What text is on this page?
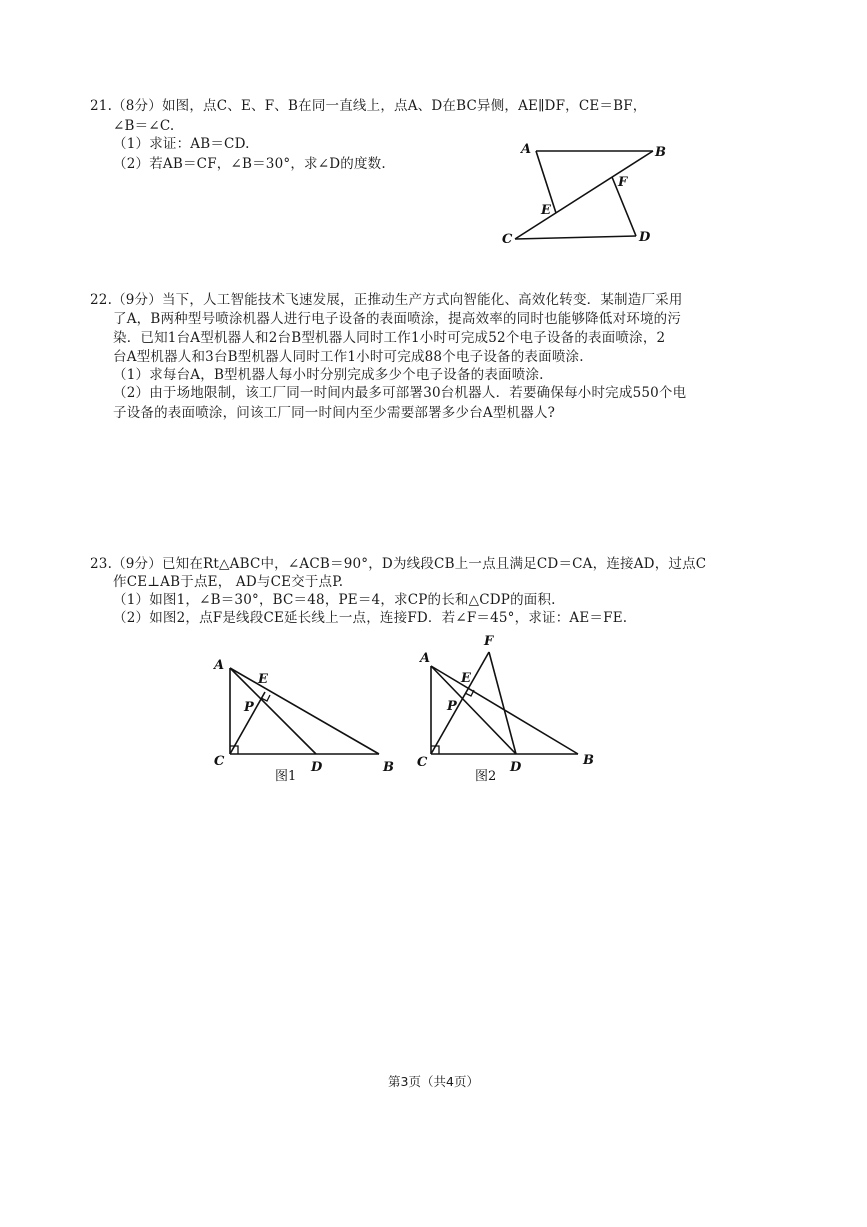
21.（8分）如图，点C、E、F、B在同一直线上，点A、D在BC异侧，AE∥DF，CE＝BF，
∠B＝∠C.
（1）求证：AB＝CD.
（2）若AB＝CF，∠B＝30°，求∠D的度数.
A	B
C	D
E
F
22.（9分）当下，人工智能技术飞速发展，正推动生产方式向智能化、高效化转变．某制造厂采用
了A，B两种型号喷涂机器人进行电子设备的表面喷涂，提高效率的同时也能够降低对环境的污
染．已知1台A型机器人和2台B型机器人同时工作1小时可完成52个电子设备的表面喷涂，2
台A型机器人和3台B型机器人同时工作1小时可完成88个电子设备的表面喷涂.
（1）求每台A，B型机器人每小时分别完成多少个电子设备的表面喷涂.
（2）由于场地限制，该工厂同一时间内最多可部署30台机器人．若要确保每小时完成550个电
子设备的表面喷涂，问该工厂同一时间内至少需要部署多少台A型机器人?
23.（9分）已知在Rt△ABC中，∠ACB＝90°，D为线段CB上一点且满足CD＝CA，连接AD，过点C
作CE⊥AB于点E， AD与CE交于点P.
（1）如图1，∠B＝30°，BC＝48，PE＝4，求CP的长和△CDP的面积.
（2）如图2，点F是线段CE延长线上一点，连接FD．若∠F＝45°，求证：AE＝FE.
A
E
P
C	D	B
图1
A
F
E
P
C	D	B
图2
第3页（共4页）
